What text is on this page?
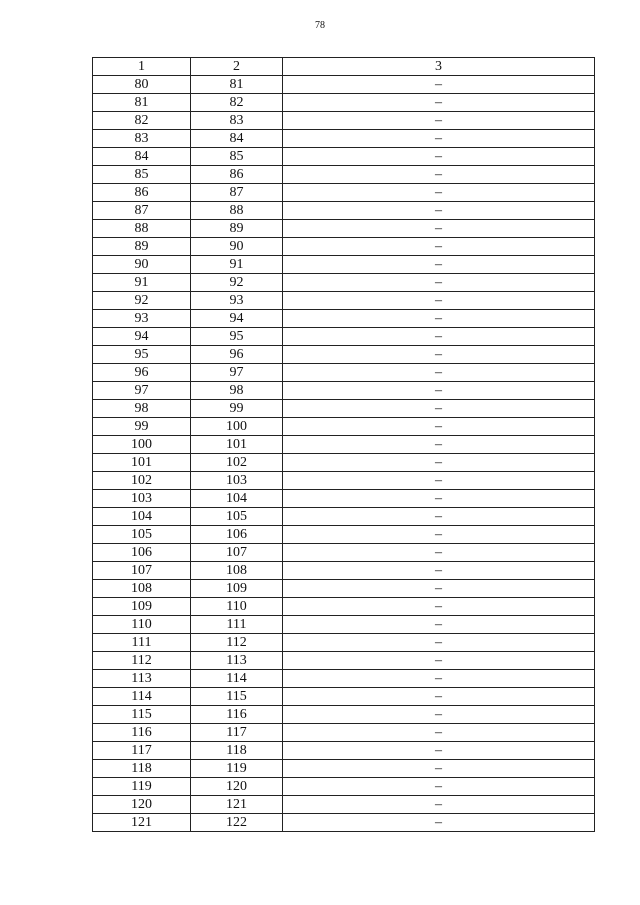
78
1	2	3
80	81	–
81	82	–
82	83	–
83	84	–
84	85	–
85	86	–
86	87	–
87	88	–
88	89	–
89	90	–
90	91	–
91	92	–
92	93	–
93	94	–
94	95	–
95	96	–
96	97	–
97	98	–
98	99	–
99	100	–
100	101	–
101	102	–
102	103	–
103	104	–
104	105	–
105	106	–
106	107	–
107	108	–
108	109	–
109	110	–
110	111	–
111	112	–
112	113	–
113	114	–
114	115	–
115	116	–
116	117	–
117	118	–
118	119	–
119	120	–
120	121	–
121	122	–
